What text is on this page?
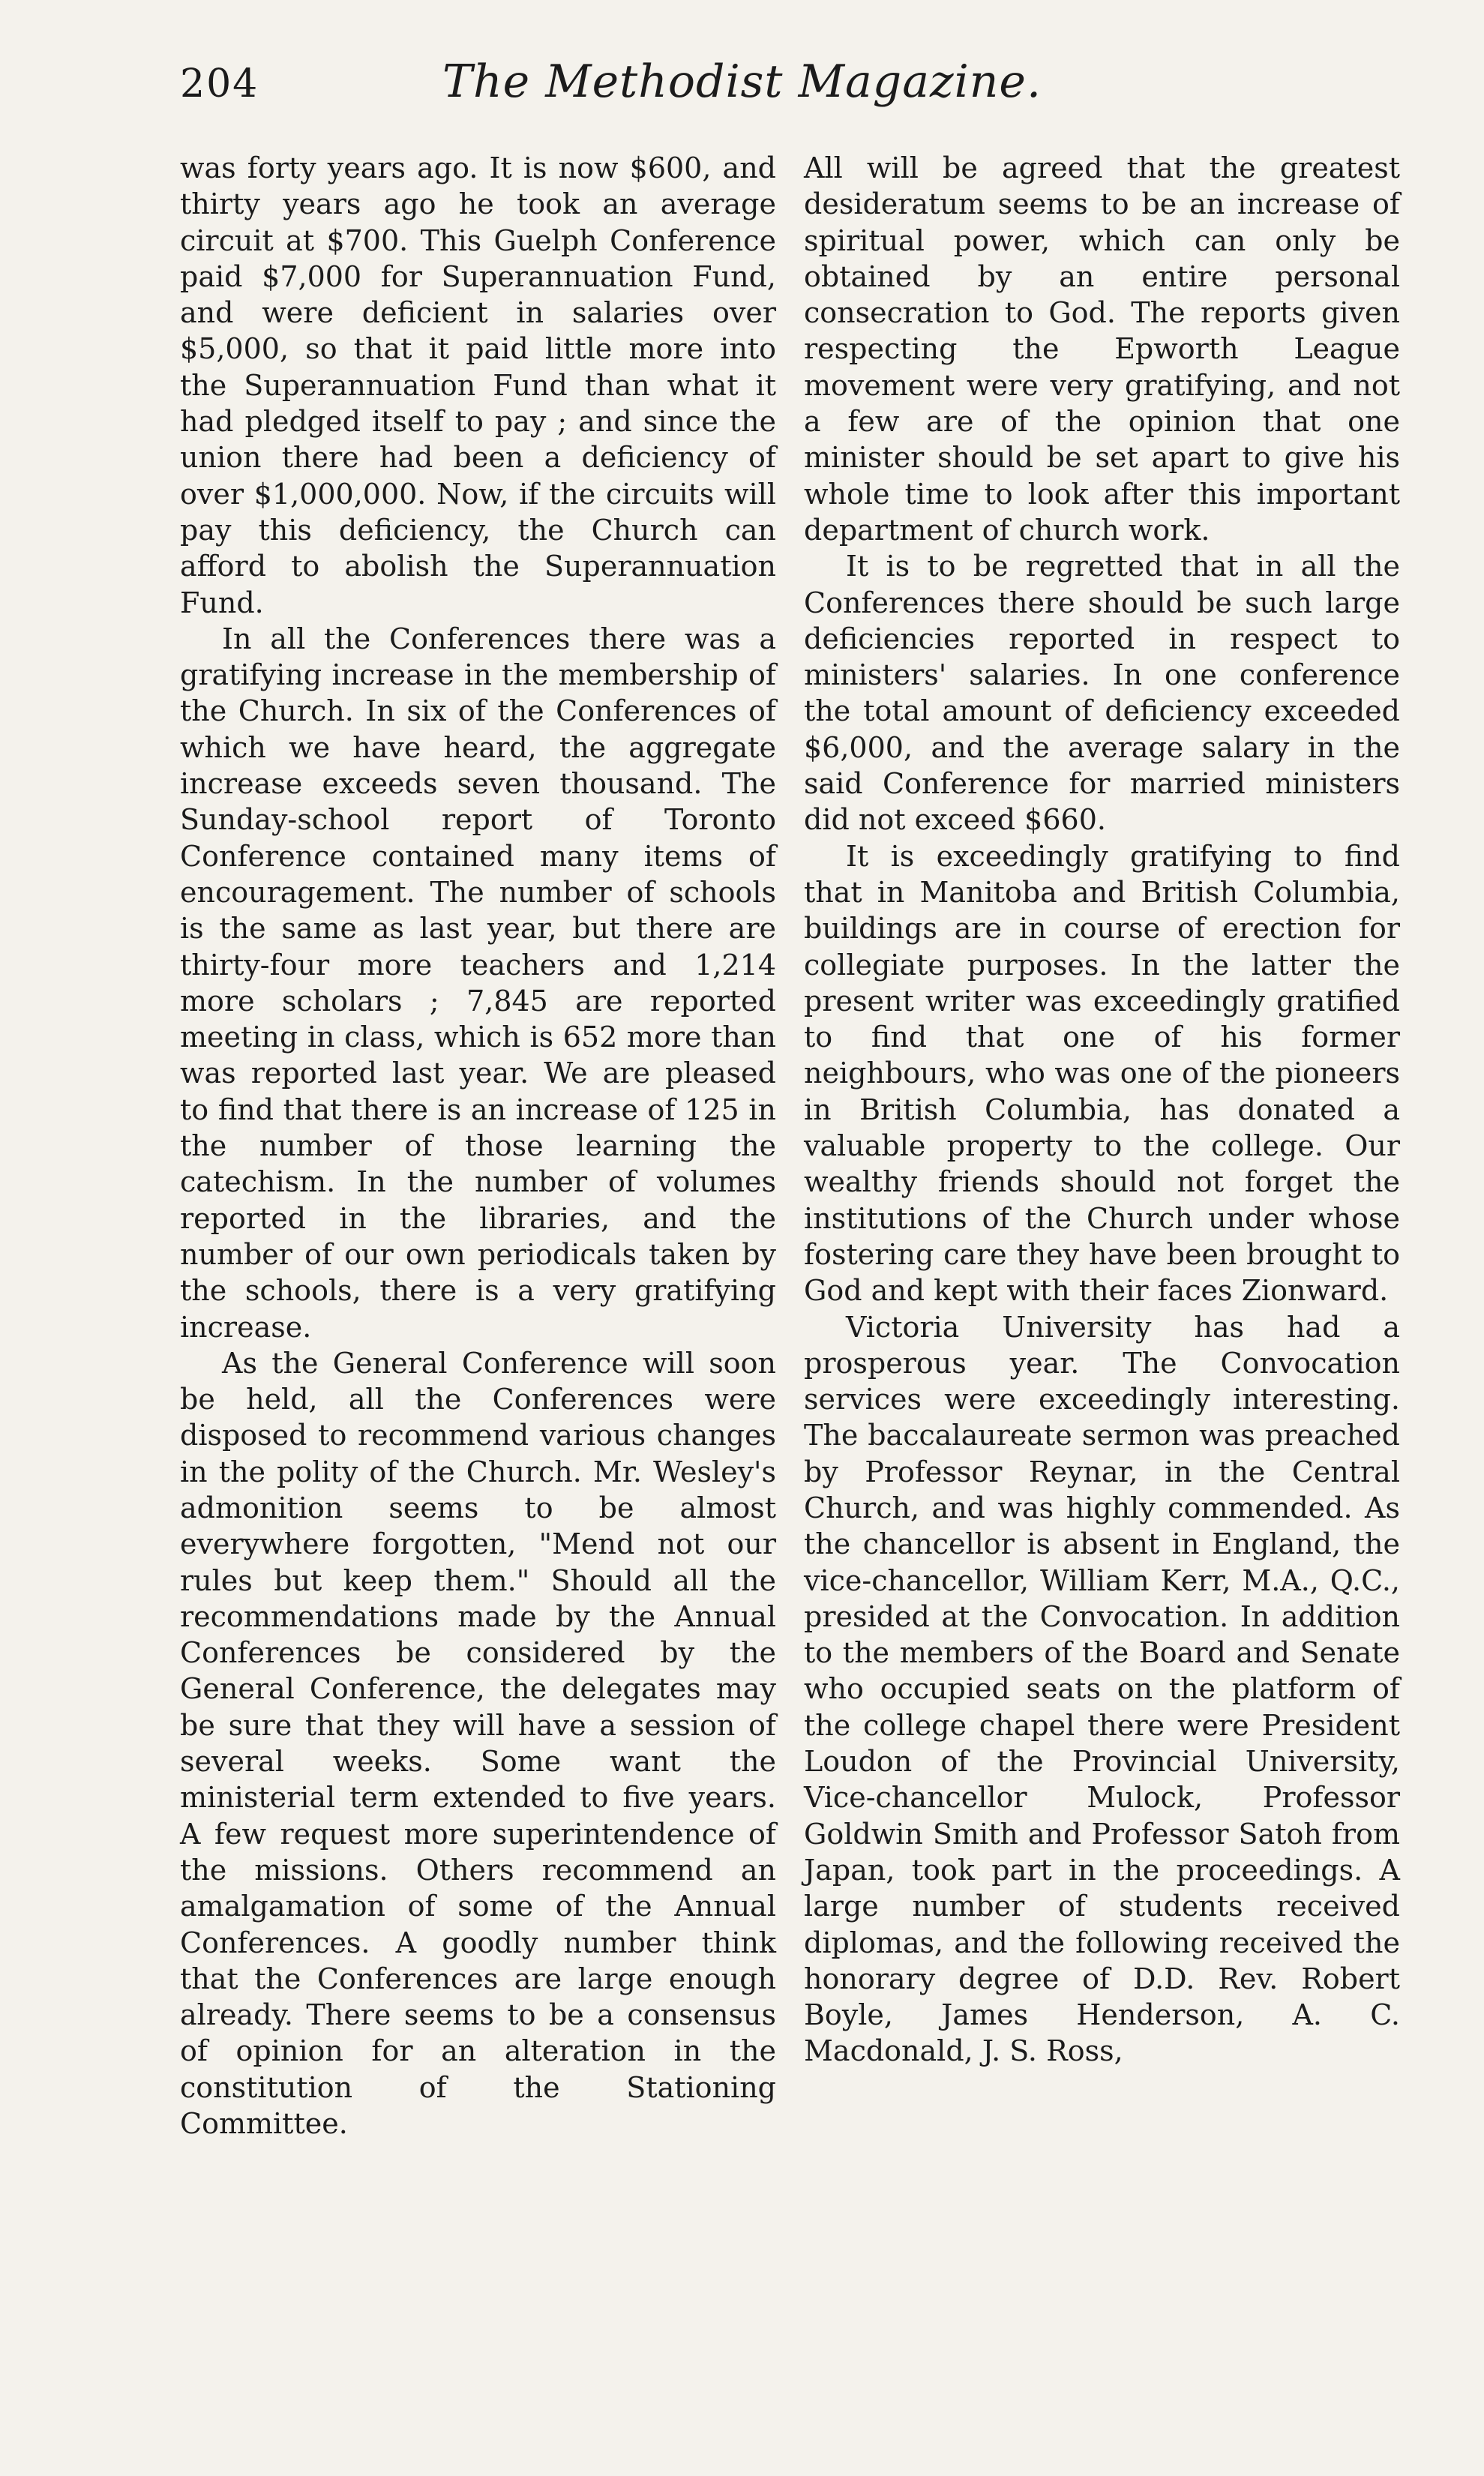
204	The Methodist Magazine.

was forty years ago. It is now $600, and thirty years ago he took an average circuit at $700. This Guelph Conference paid $7,000 for Superannuation Fund, and were deficient in salaries over $5,000, so that it paid little more into the Superannuation Fund than what it had pledged itself to pay ; and since the union there had been a deficiency of over $1,000,000. Now, if the circuits will pay this deficiency, the Church can afford to abolish the Superannuation Fund.

In all the Conferences there was a gratifying increase in the membership of the Church. In six of the Conferences of which we have heard, the aggregate increase exceeds seven thousand. The Sunday-school report of Toronto Conference contained many items of encouragement. The number of schools is the same as last year, but there are thirty-four more teachers and 1,214 more scholars ; 7,845 are reported meeting in class, which is 652 more than was reported last year. We are pleased to find that there is an increase of 125 in the number of those learning the catechism. In the number of volumes reported in the libraries, and the number of our own periodicals taken by the schools, there is a very gratifying increase.

As the General Conference will soon be held, all the Conferences were disposed to recommend various changes in the polity of the Church. Mr. Wesley's admonition seems to be almost everywhere forgotten, "Mend not our rules but keep them." Should all the recommendations made by the Annual Conferences be considered by the General Conference, the delegates may be sure that they will have a session of several weeks. Some want the ministerial term extended to five years. A few request more superintendence of the missions. Others recommend an amalgamation of some of the Annual Conferences. A goodly number think that the Conferences are large enough already. There seems to be a consensus of opinion for an alteration in the constitution of the Stationing Committee.

All will be agreed that the greatest desideratum seems to be an increase of spiritual power, which can only be obtained by an entire personal consecration to God. The reports given respecting the Epworth League movement were very gratifying, and not a few are of the opinion that one minister should be set apart to give his whole time to look after this important department of church work.

It is to be regretted that in all the Conferences there should be such large deficiencies reported in respect to ministers' salaries. In one conference the total amount of deficiency exceeded $6,000, and the average salary in the said Conference for married ministers did not exceed $660.

It is exceedingly gratifying to find that in Manitoba and British Columbia, buildings are in course of erection for collegiate purposes. In the latter the present writer was exceedingly gratified to find that one of his former neighbours, who was one of the pioneers in British Columbia, has donated a valuable property to the college. Our wealthy friends should not forget the institutions of the Church under whose fostering care they have been brought to God and kept with their faces Zionward.

Victoria University has had a prosperous year. The Convocation services were exceedingly interesting. The baccalaureate sermon was preached by Professor Reynar, in the Central Church, and was highly commended. As the chancellor is absent in England, the vice-chancellor, William Kerr, M.A., Q.C., presided at the Convocation. In addition to the members of the Board and Senate who occupied seats on the platform of the college chapel there were President Loudon of the Provincial University, Vice-chancellor Mulock, Professor Goldwin Smith and Professor Satoh from Japan, took part in the proceedings. A large number of students received diplomas, and the following received the honorary degree of D.D. Rev. Robert Boyle, James Henderson, A. C. Macdonald, J. S. Ross,
